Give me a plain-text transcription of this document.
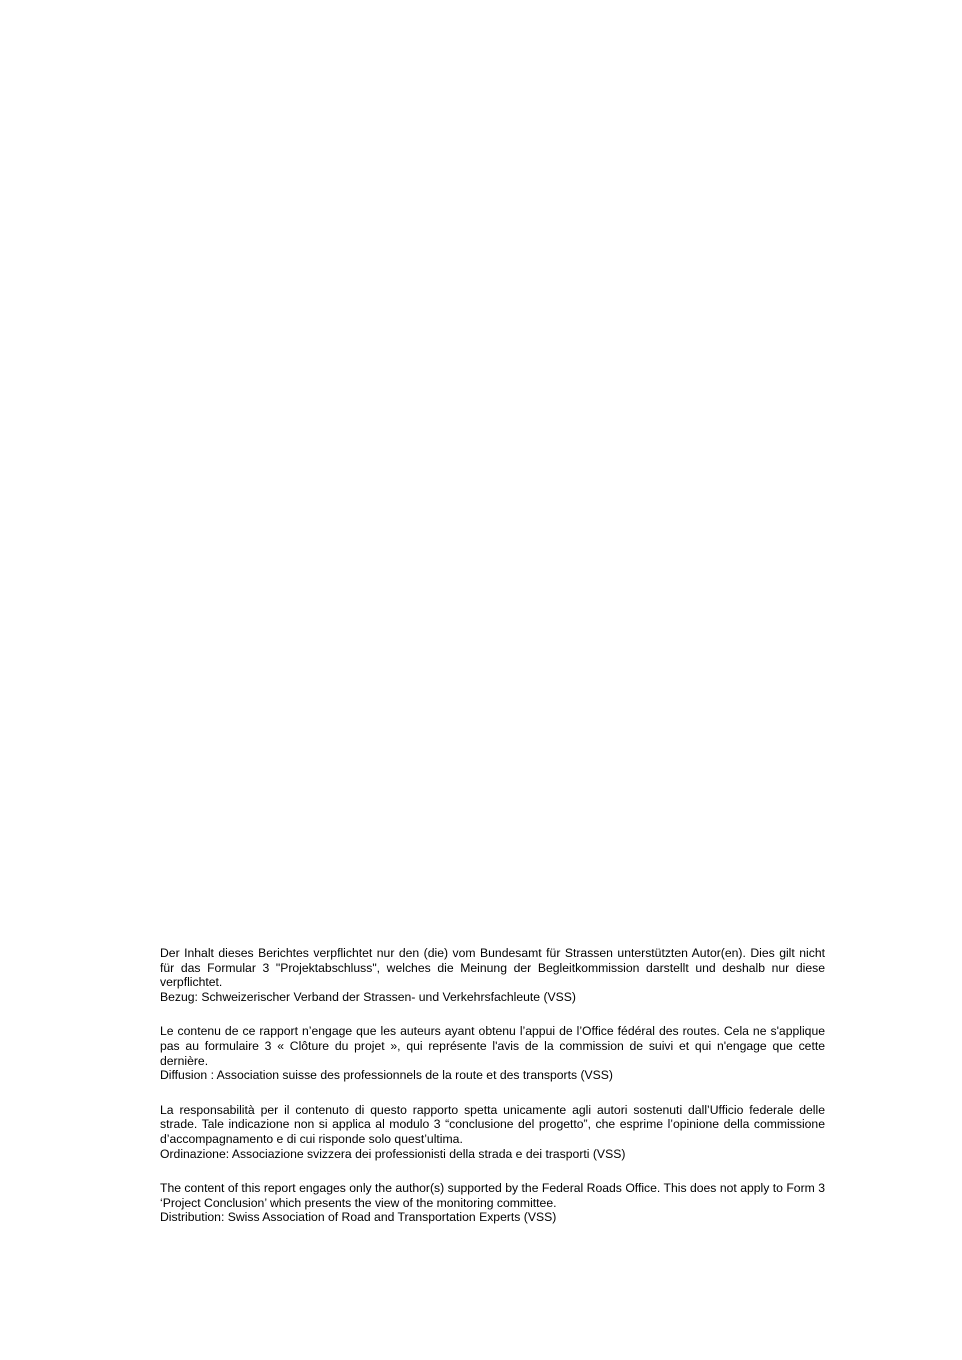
Der Inhalt dieses Berichtes verpflichtet nur den (die) vom Bundesamt für Strassen unterstützten Autor(en). Dies gilt nicht für das Formular 3 "Projektabschluss", welches die Meinung der Begleitkommission darstellt und deshalb nur diese verpflichtet.

Bezug: Schweizerischer Verband der Strassen- und Verkehrsfachleute (VSS)

Le contenu de ce rapport n’engage que les auteurs ayant obtenu l’appui de l’Office fédéral des routes. Cela ne s'applique pas au formulaire 3 « Clôture du projet », qui représente l'avis de la commission de suivi et qui n'engage que cette dernière.

Diffusion : Association suisse des professionnels de la route et des transports (VSS)

La responsabilità per il contenuto di questo rapporto spetta unicamente agli autori sostenuti dall’Ufficio federale delle strade. Tale indicazione non si applica al modulo 3 “conclusione del progetto”, che esprime l’opinione della commissione d’accompagnamento e di cui risponde solo quest’ultima.

Ordinazione: Associazione svizzera dei professionisti della strada e dei trasporti (VSS)

The content of this report engages only the author(s) supported by the Federal Roads Office. This does not apply to Form 3 ‘Project Conclusion’ which presents the view of the monitoring committee.

Distribution: Swiss Association of Road and Transportation Experts (VSS)
